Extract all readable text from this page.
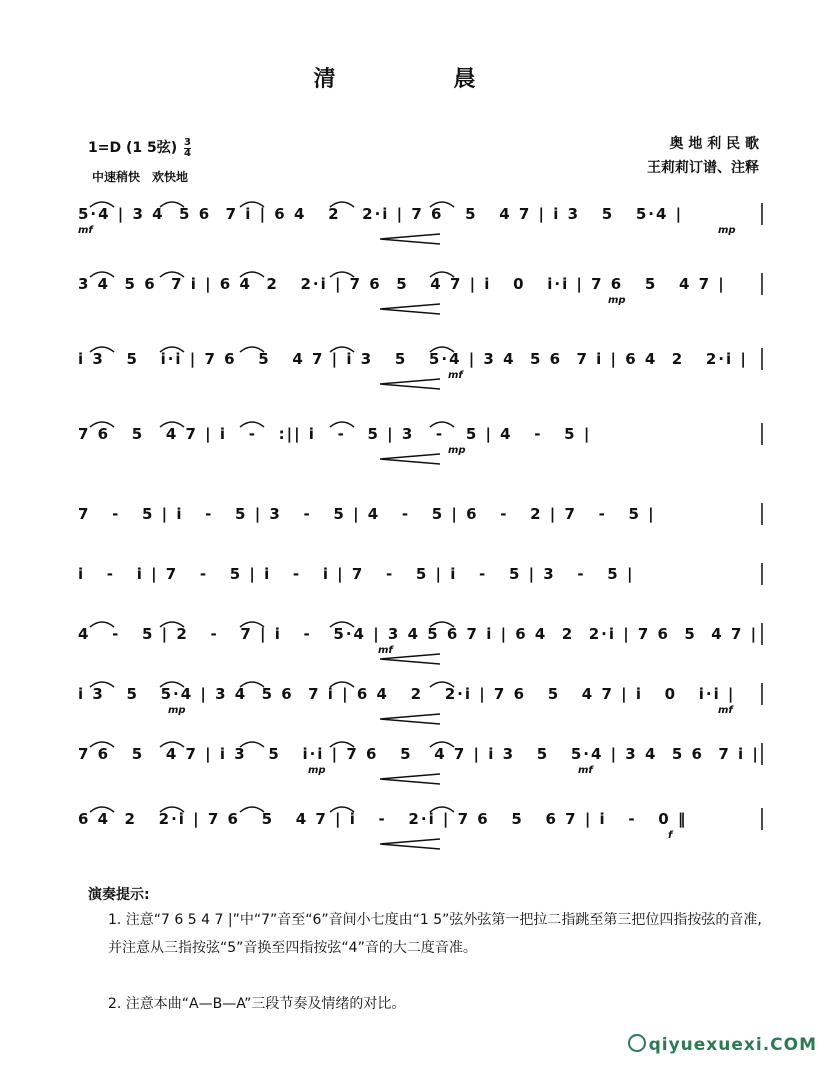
清　晨
1=D (1 5弦) $\frac{3}{4}$	奥 地 利 民 歌
王莉莉订谱、注释
中速稍快　欢快地
5·4 | 3 4  5 6  7 i | 6 4   2   2·i | 7 6   5   4 7 | i 3   5   5·4 |
mf	mp
3 4  5 6  7 i | 6 4  2   2·i | 7 6  5   4 7 | i   0   i·i | 7 6   5   4 7 |
mp
i 3   5   i·i | 7 6   5   4 7 | i 3   5   5·4 | 3 4  5 6  7 i | 6 4  2   2·i |
mf
7 6   5   4 7 | i   -   :|| i   -   5 | 3   -   5 | 4   -   5 |
mp
7   -   5 | i   -   5 | 3   -   5 | 4   -   5 | 6   -   2 | 7   -   5 |
i   -   i | 7   -   5 | i   -   i | 7   -   5 | i   -   5 | 3   -   5 |
4   -   5 | 2   -   7 | i   -   5·4 | 3 4 5 6 7 i | 6 4  2  2·i | 7 6  5  4 7 |
mf
i 3   5   5·4 | 3 4  5 6  7 i | 6 4   2   2·i | 7 6   5   4 7 | i   0   i·i |
mp	mf
7 6   5   4 7 | i 3   5   i·i | 7 6   5   4 7 | i 3   5   5·4 | 3 4  5 6  7 i |
mp	mf
6 4  2   2·i | 7 6   5   4 7 | i   -   2·i | 7 6   5   6 7 | i   -   0 ‖
f
演奏提示:
1. 注意“7 6 5 4 7 |”中“7”音至“6”音间小七度由“1 5”弦外弦第一把拉二指跳至第三把位四指按弦的音准,并注意从三指按弦“5”音换至四指按弦“4”音的大二度音准。
2. 注意本曲“A—B—A”三段节奏及情绪的对比。
qiyuexuexi.COM
